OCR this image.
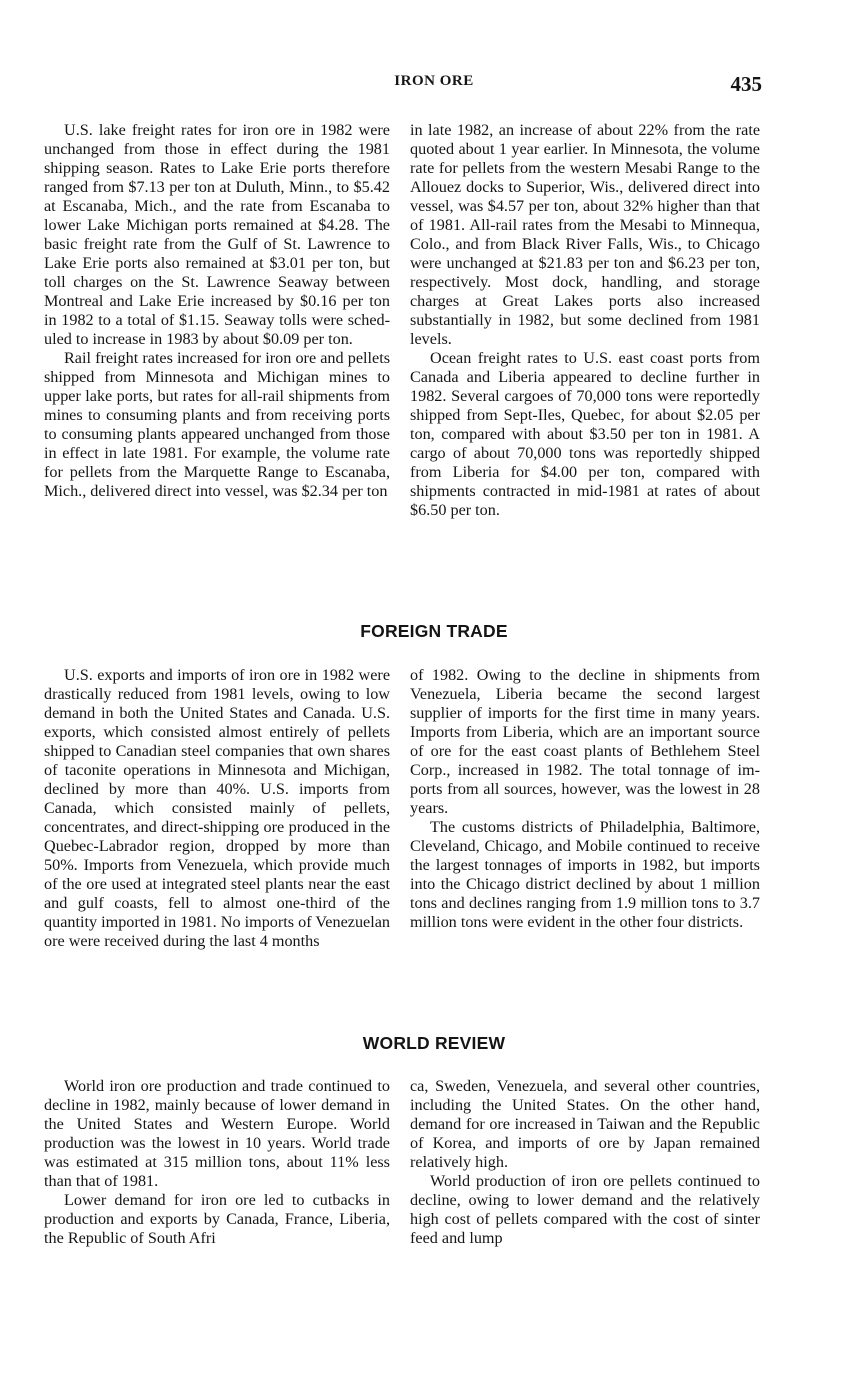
IRON ORE	435

U.S. lake freight rates for iron ore in 1982 were unchanged from those in effect during the 1981 shipping season. Rates to Lake Erie ports therefore ranged from $7.13 per ton at Duluth, Minn., to $5.42 at Escanaba, Mich., and the rate from Escanaba to lower Lake Michigan ports remained at $4.28. The basic freight rate from the Gulf of St. Lawrence to Lake Erie ports also remained at $3.01 per ton, but toll charges on the St. Lawrence Seaway between Montreal and Lake Erie increased by $0.16 per ton in 1982 to a total of $1.15. Seaway tolls were scheduled to increase in 1983 by about $0.09 per ton.

Rail freight rates increased for iron ore and pellets shipped from Minnesota and Michigan mines to upper lake ports, but rates for all-rail shipments from mines to consuming plants and from receiving ports to consuming plants appeared unchanged from those in effect in late 1981. For example, the volume rate for pellets from the Marquette Range to Escanaba, Mich., delivered direct into vessel, was $2.34 per ton

in late 1982, an increase of about 22% from the rate quoted about 1 year earlier. In Minnesota, the volume rate for pellets from the western Mesabi Range to the Allouez docks to Superior, Wis., delivered direct into vessel, was $4.57 per ton, about 32% higher than that of 1981. All-rail rates from the Mesabi to Minnequa, Colo., and from Black River Falls, Wis., to Chicago were unchanged at $21.83 per ton and $6.23 per ton, respectively. Most dock, handling, and storage charges at Great Lakes ports also increased substantially in 1982, but some declined from 1981 levels.

Ocean freight rates to U.S. east coast ports from Canada and Liberia appeared to decline further in 1982. Several cargoes of 70,000 tons were reportedly shipped from Sept-Iles, Quebec, for about $2.05 per ton, compared with about $3.50 per ton in 1981. A cargo of about 70,000 tons was reportedly shipped from Liberia for $4.00 per ton, compared with shipments contracted in mid-1981 at rates of about $6.50 per ton.

FOREIGN TRADE

U.S. exports and imports of iron ore in 1982 were drastically reduced from 1981 levels, owing to low demand in both the United States and Canada. U.S. exports, which consisted almost entirely of pellets shipped to Canadian steel companies that own shares of taconite operations in Minnesota and Michigan, declined by more than 40%. U.S. imports from Canada, which consisted mainly of pellets, concentrates, and direct-shipping ore produced in the Quebec-Labrador region, dropped by more than 50%. Imports from Venezuela, which provide much of the ore used at integrated steel plants near the east and gulf coasts, fell to almost one-third of the quantity imported in 1981. No imports of Venezuelan ore were received during the last 4 months

of 1982. Owing to the decline in shipments from Venezuela, Liberia became the second largest supplier of imports for the first time in many years. Imports from Liberia, which are an important source of ore for the east coast plants of Bethlehem Steel Corp., increased in 1982. The total tonnage of imports from all sources, however, was the lowest in 28 years.

The customs districts of Philadelphia, Baltimore, Cleveland, Chicago, and Mobile continued to receive the largest tonnages of imports in 1982, but imports into the Chicago district declined by about 1 million tons and declines ranging from 1.9 million tons to 3.7 million tons were evident in the other four districts.

WORLD REVIEW

World iron ore production and trade continued to decline in 1982, mainly because of lower demand in the United States and Western Europe. World production was the lowest in 10 years. World trade was estimated at 315 million tons, about 11% less than that of 1981.

Lower demand for iron ore led to cutbacks in production and exports by Canada, France, Liberia, the Republic of South Afri

ca, Sweden, Venezuela, and several other countries, including the United States. On the other hand, demand for ore increased in Taiwan and the Republic of Korea, and imports of ore by Japan remained relatively high.

World production of iron ore pellets continued to decline, owing to lower demand and the relatively high cost of pellets compared with the cost of sinter feed and lump
